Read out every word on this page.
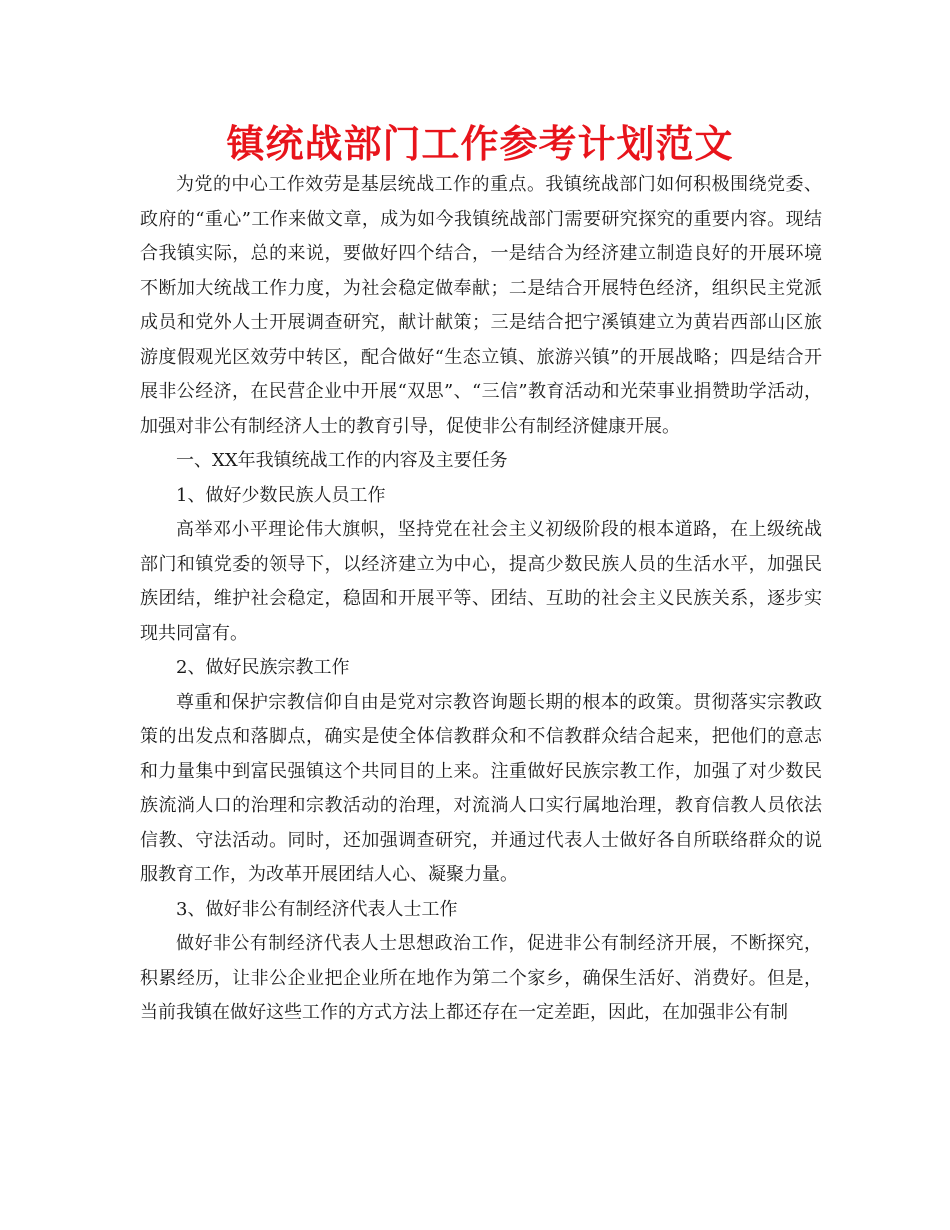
镇统战部门工作参考计划范文

为党的中心工作效劳是基层统战工作的重点。我镇统战部门如何积极围绕党委、政府的“重心”工作来做文章，成为如今我镇统战部门需要研究探究的重要内容。现结合我镇实际，总的来说，要做好四个结合，一是结合为经济建立制造良好的开展环境不断加大统战工作力度，为社会稳定做奉献；二是结合开展特色经济，组织民主党派成员和党外人士开展调查研究，献计献策；三是结合把宁溪镇建立为黄岩西部山区旅游度假观光区效劳中转区，配合做好“生态立镇、旅游兴镇”的开展战略；四是结合开展非公经济，在民营企业中开展“双思”、“三信”教育活动和光荣事业捐赞助学活动，加强对非公有制经济人士的教育引导，促使非公有制经济健康开展。

一、XX年我镇统战工作的内容及主要任务

1、做好少数民族人员工作

高举邓小平理论伟大旗帜，坚持党在社会主义初级阶段的根本道路，在上级统战部门和镇党委的领导下，以经济建立为中心，提高少数民族人员的生活水平，加强民族团结，维护社会稳定，稳固和开展平等、团结、互助的社会主义民族关系，逐步实现共同富有。

2、做好民族宗教工作

尊重和保护宗教信仰自由是党对宗教咨询题长期的根本的政策。贯彻落实宗教政策的出发点和落脚点，确实是使全体信教群众和不信教群众结合起来，把他们的意志和力量集中到富民强镇这个共同目的上来。注重做好民族宗教工作，加强了对少数民族流淌人口的治理和宗教活动的治理，对流淌人口实行属地治理，教育信教人员依法信教、守法活动。同时，还加强调查研究，并通过代表人士做好各自所联络群众的说服教育工作，为改革开展团结人心、凝聚力量。

3、做好非公有制经济代表人士工作

做好非公有制经济代表人士思想政治工作，促进非公有制经济开展，不断探究，积累经历，让非公企业把企业所在地作为第二个家乡，确保生活好、消费好。但是，当前我镇在做好这些工作的方式方法上都还存在一定差距，因此，在加强非公有制
